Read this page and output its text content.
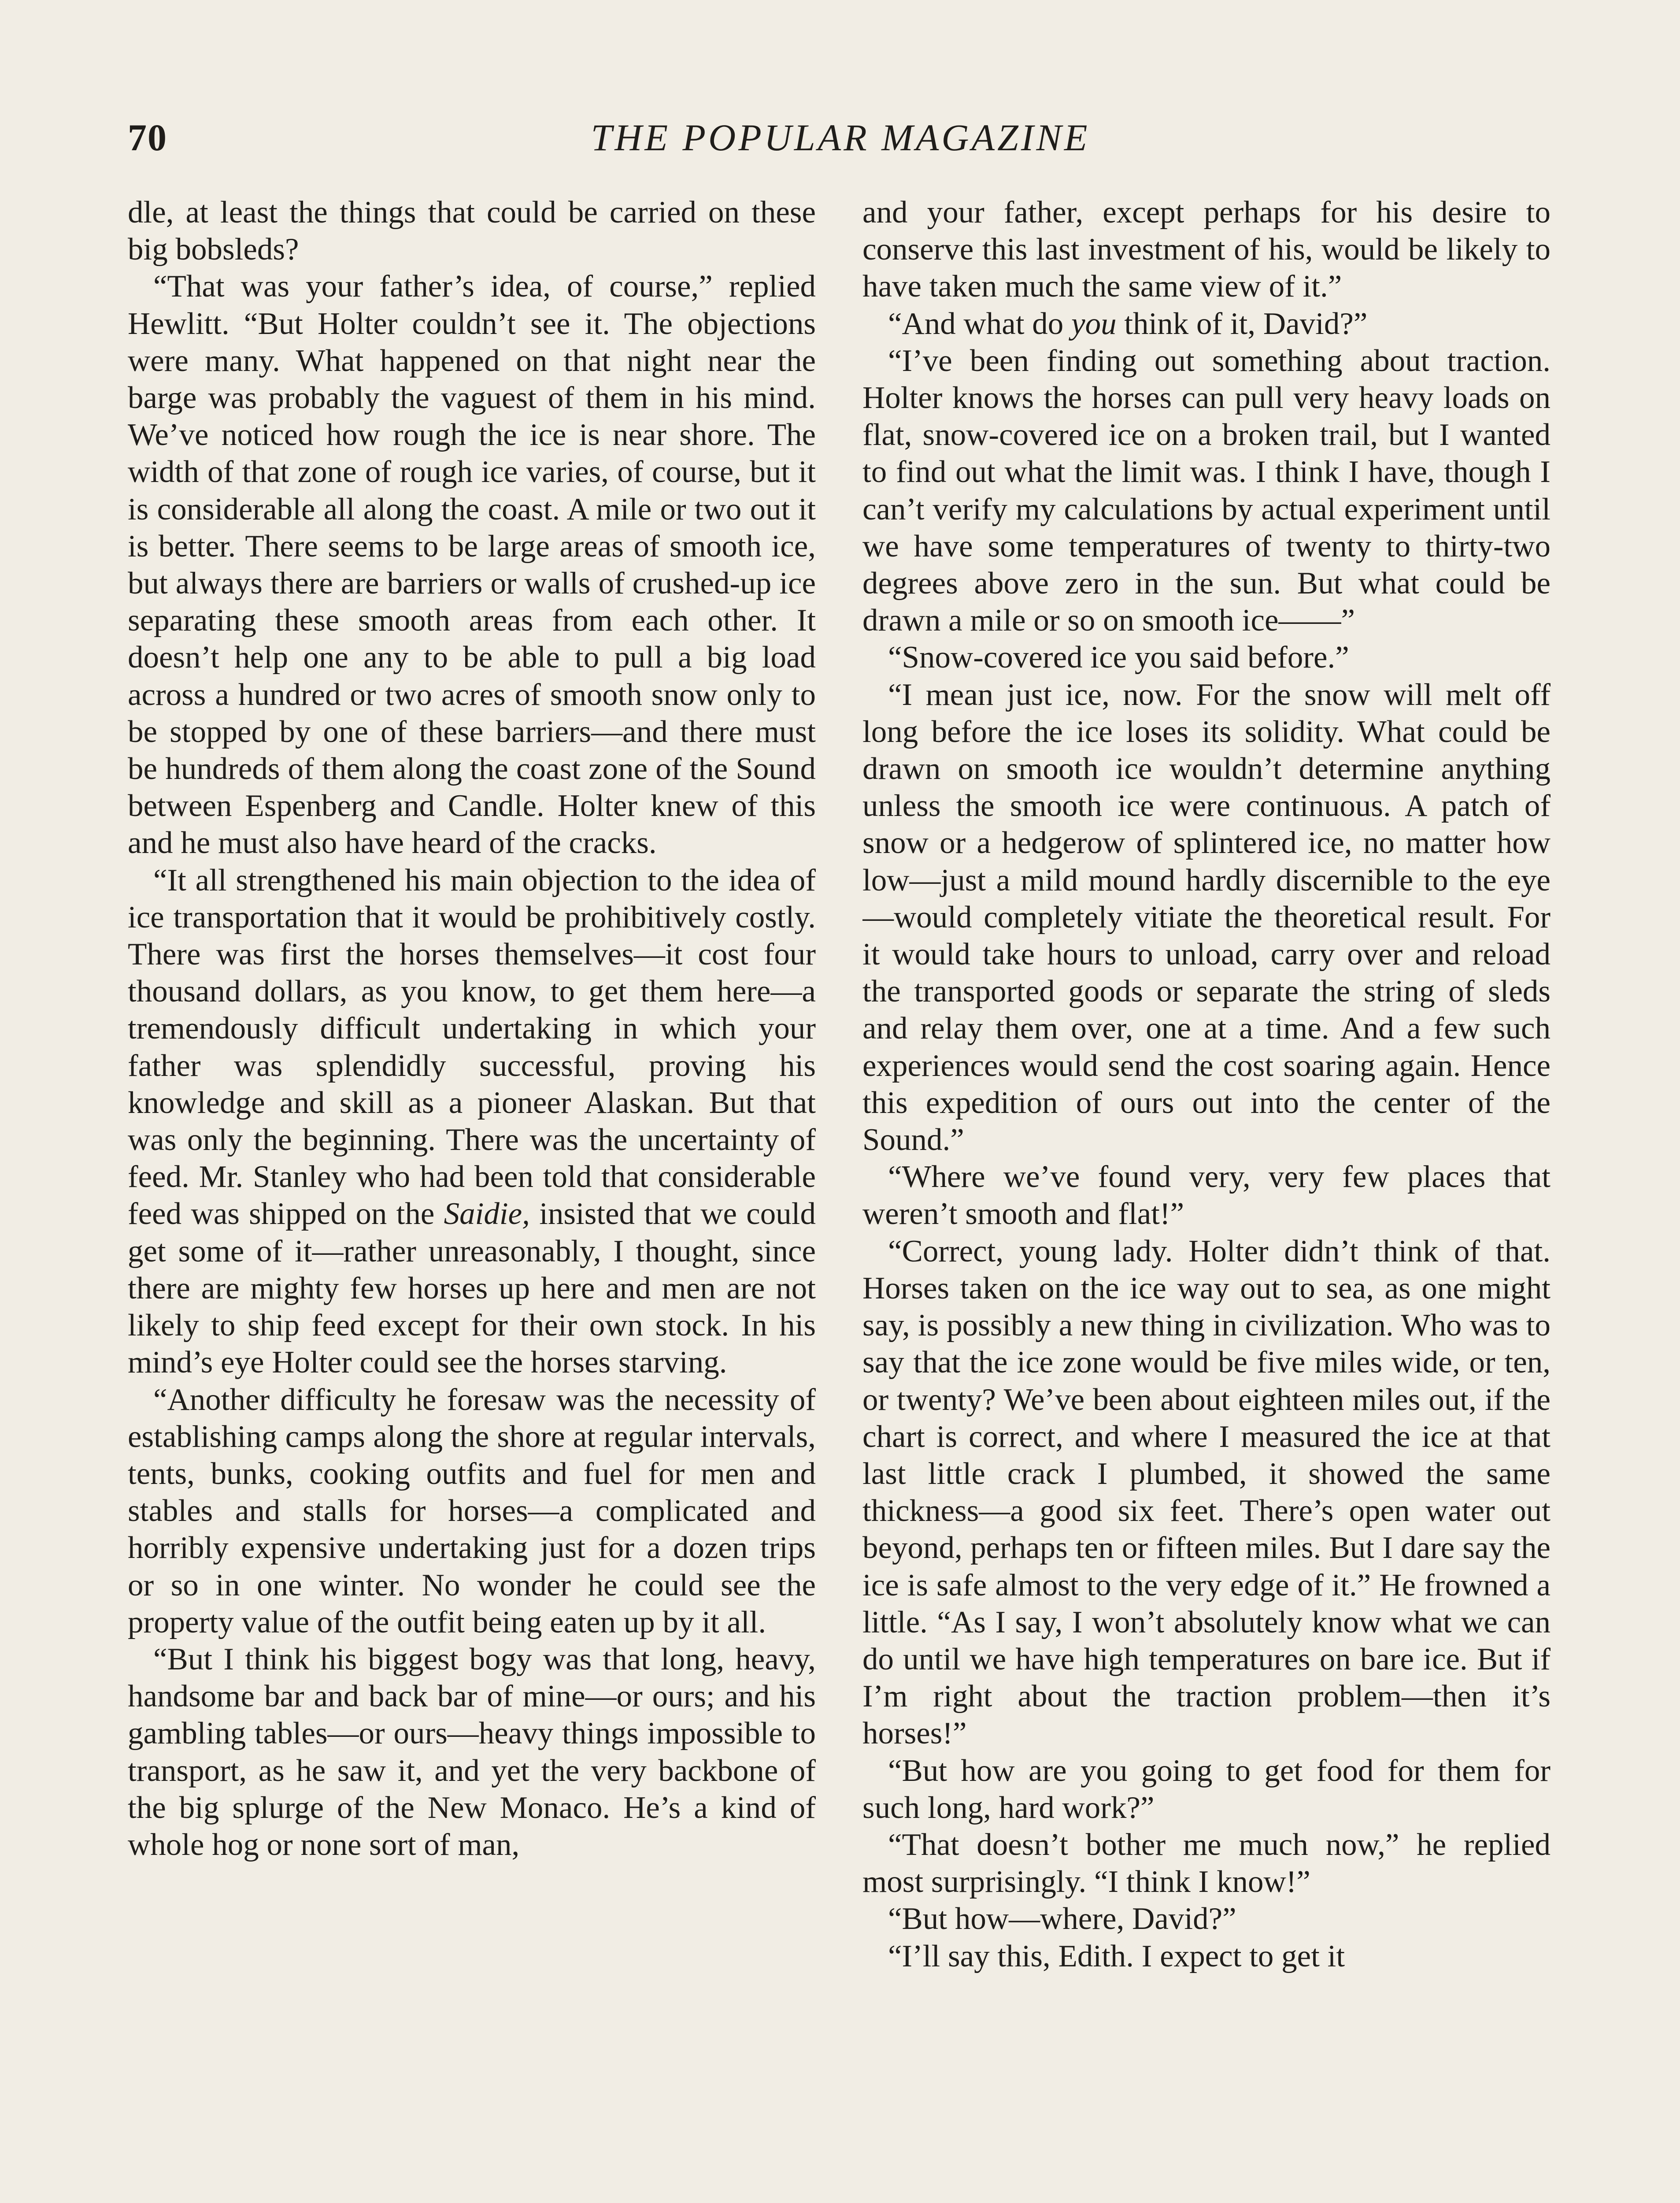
70	THE POPULAR MAGAZINE

dle, at least the things that could be carried on these big bobsleds?

“That was your father’s idea, of course,” replied Hewlitt. “But Holter couldn’t see it. The objections were many. What happened on that night near the barge was probably the vaguest of them in his mind. We’ve noticed how rough the ice is near shore. The width of that zone of rough ice varies, of course, but it is considerable all along the coast. A mile or two out it is better. There seems to be large areas of smooth ice, but always there are barriers or walls of crushed-up ice separating these smooth areas from each other. It doesn’t help one any to be able to pull a big load across a hundred or two acres of smooth snow only to be stopped by one of these barriers—and there must be hundreds of them along the coast zone of the Sound between Espenberg and Candle. Holter knew of this and he must also have heard of the cracks.

“It all strengthened his main objection to the idea of ice transportation that it would be prohibitively costly. There was first the horses themselves—it cost four thousand dollars, as you know, to get them here—a tremendously difficult undertaking in which your father was splendidly successful, proving his knowledge and skill as a pioneer Alaskan. But that was only the beginning. There was the uncertainty of feed. Mr. Stanley who had been told that considerable feed was shipped on the Saidie, insisted that we could get some of it—rather unreasonably, I thought, since there are mighty few horses up here and men are not likely to ship feed except for their own stock. In his mind’s eye Holter could see the horses starving.

“Another difficulty he foresaw was the necessity of establishing camps along the shore at regular intervals, tents, bunks, cooking outfits and fuel for men and stables and stalls for horses—a complicated and horribly expensive undertaking just for a dozen trips or so in one winter. No wonder he could see the property value of the outfit being eaten up by it all.

“But I think his biggest bogy was that long, heavy, handsome bar and back bar of mine—or ours; and his gambling tables—or ours—heavy things impossible to transport, as he saw it, and yet the very backbone of the big splurge of the New Monaco. He’s a kind of whole hog or none sort of man,

and your father, except perhaps for his desire to conserve this last investment of his, would be likely to have taken much the same view of it.”

“And what do you think of it, David?”

“I’ve been finding out something about traction. Holter knows the horses can pull very heavy loads on flat, snow-covered ice on a broken trail, but I wanted to find out what the limit was. I think I have, though I can’t verify my calculations by actual experiment until we have some temperatures of twenty to thirty-two degrees above zero in the sun. But what could be drawn a mile or so on smooth ice——”

“Snow-covered ice you said before.”

“I mean just ice, now. For the snow will melt off long before the ice loses its solidity. What could be drawn on smooth ice wouldn’t determine anything unless the smooth ice were continuous. A patch of snow or a hedgerow of splintered ice, no matter how low—just a mild mound hardly discernible to the eye—would completely vitiate the theoretical result. For it would take hours to unload, carry over and reload the transported goods or separate the string of sleds and relay them over, one at a time. And a few such experiences would send the cost soaring again. Hence this expedition of ours out into the center of the Sound.”

“Where we’ve found very, very few places that weren’t smooth and flat!”

“Correct, young lady. Holter didn’t think of that. Horses taken on the ice way out to sea, as one might say, is possibly a new thing in civilization. Who was to say that the ice zone would be five miles wide, or ten, or twenty? We’ve been about eighteen miles out, if the chart is correct, and where I measured the ice at that last little crack I plumbed, it showed the same thickness—a good six feet. There’s open water out beyond, perhaps ten or fifteen miles. But I dare say the ice is safe almost to the very edge of it.” He frowned a little. “As I say, I won’t absolutely know what we can do until we have high temperatures on bare ice. But if I’m right about the traction problem—then it’s horses!”

“But how are you going to get food for them for such long, hard work?”

“That doesn’t bother me much now,” he replied most surprisingly. “I think I know!”

“But how—where, David?”

“I’ll say this, Edith. I expect to get it
